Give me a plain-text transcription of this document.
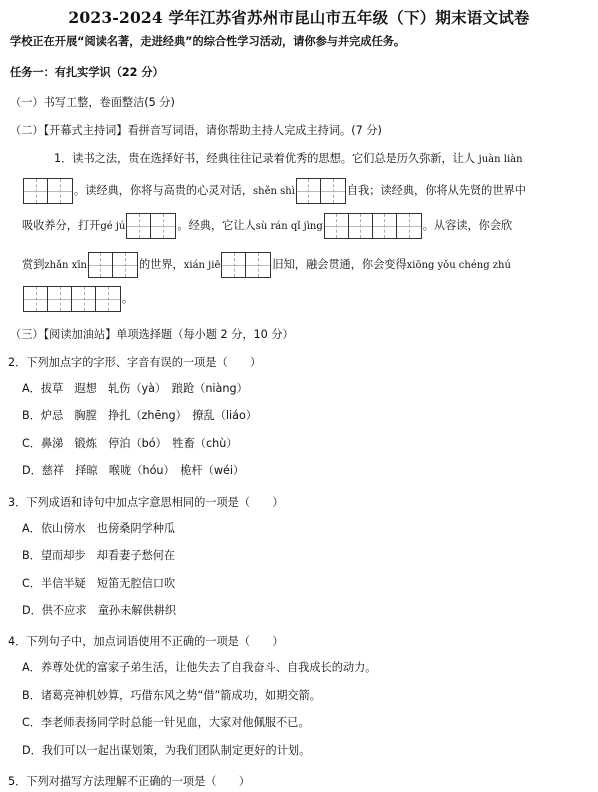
2023-2024 学年江苏省苏州市昆山市五年级（下）期末语文试卷
学校正在开展“阅读名著，走进经典”的综合性学习活动，请你参与并完成任务。
任务一：有扎实学识（22 分）
（一）书写工整，卷面整洁(5 分)
（二）【开幕式主持词】看拼音写词语，请你帮助主持人完成主持词。(7 分)
1．读书之法，贵在选择好书，经典往往记录着优秀的思想。它们总是历久弥新，让人 juàn liàn
。读经典，你将与高贵的心灵对话，shěn shì	自我；读经典，你将从先贤的世界中
吸收养分，打开gé jú	。经典，它让人sù rán qǐ jìng	。从容读，你会欣
赏到zhǎn xīn	的世界，xián jiē	旧知，融会贯通，你会变得xiōng yǒu chéng zhú
。
（三）【阅读加油站】单项选择题（每小题 2 分，10 分）
2．下列加点字的字形、字音有误的一项是（　　）
A．拔草　遐想　轧伤（yà）　踉跄（niàng）
B．炉忌　胸膛　挣扎（zhēng）　撩乱（liáo）
C．鼻涕　锻炼　停泊（bó）　牲畜（chù）
D．慈祥　择晾　喉咙（hóu）　桅杆（wéi）
3．下列成语和诗句中加点字意思相同的一项是（　　）
A．依山傍水　也傍桑阴学种瓜
B．望而却步　却看妻子愁何在
C．半信半疑　短笛无腔信口吹
D．供不应求　童孙未解供耕织
4．下列句子中，加点词语使用不正确的一项是（　　）
A．养尊处优的富家子弟生活，让他失去了自我奋斗、自我成长的动力。
B．诸葛亮神机妙算，巧借东风之势“借”箭成功，如期交箭。
C．李老师表扬同学时总能一针见血，大家对他佩服不已。
D．我们可以一起出谋划策，为我们团队制定更好的计划。
5．下列对描写方法理解不正确的一项是（　　）
